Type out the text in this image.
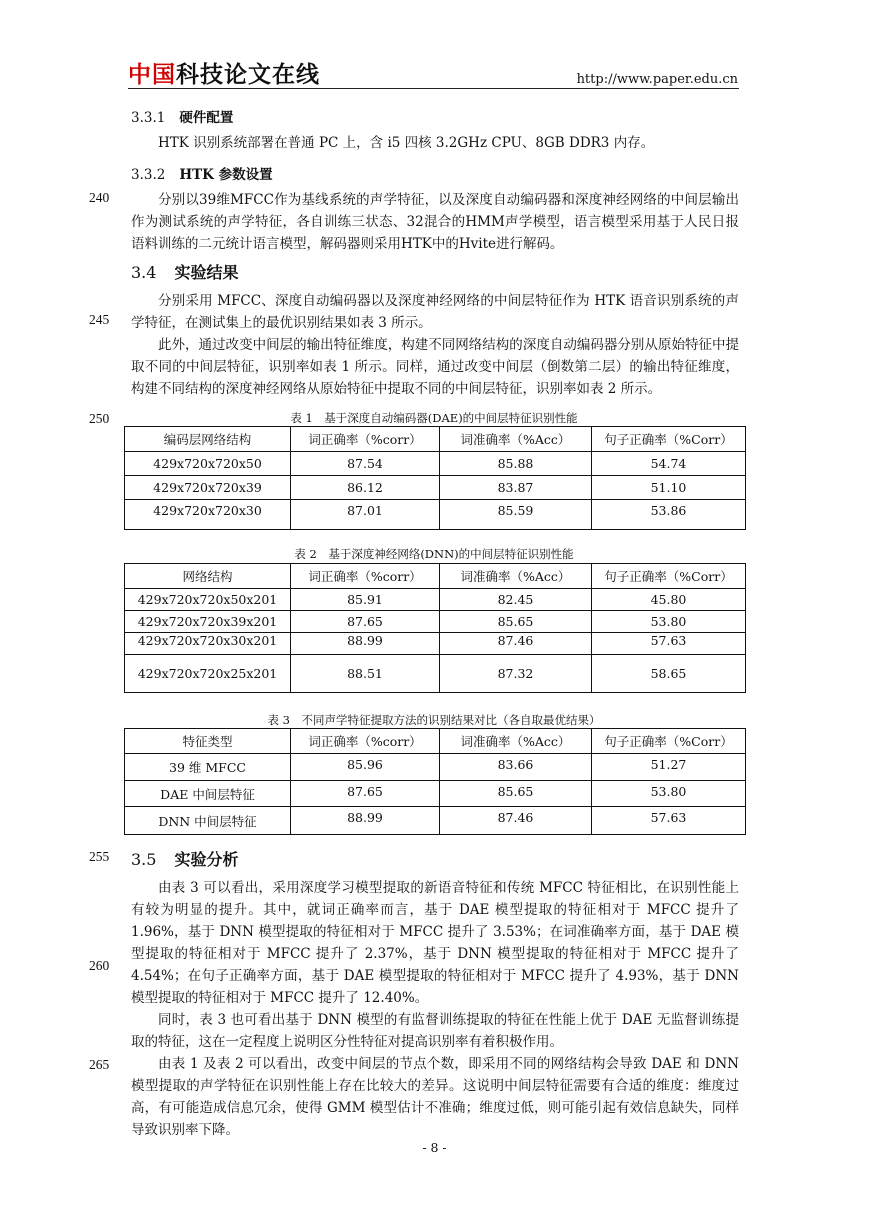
中国科技论文在线	http://www.paper.edu.cn
3.3.1 硬件配置

HTK 识别系统部署在普通 PC 上，含 i5 四核 3.2GHz CPU、8GB DDR3 内存。

3.3.2 HTK 参数设置
240	分别以39维MFCC作为基线系统的声学特征，以及深度自动编码器和深度神经网络的中间层输出作为测试系统的声学特征，各自训练三状态、32混合的HMM声学模型，语言模型采用基于人民日报语料训练的二元统计语言模型，解码器则采用HTK中的Hvite进行解码。

3.4 实验结果
245

分别采用 MFCC、深度自动编码器以及深度神经网络的中间层特征作为 HTK 语音识别系统的声学特征，在测试集上的最优识别结果如表 3 所示。

此外，通过改变中间层的输出特征维度，构建不同网络结构的深度自动编码器分别从原始特征中提取不同的中间层特征，识别率如表 1 所示。同样，通过改变中间层（倒数第二层）的输出特征维度，构建不同结构的深度神经网络从原始特征中提取不同的中间层特征，识别率如表 2 所示。

250	表 1　基于深度自动编码器(DAE)的中间层特征识别性能
编码层网络结构	词正确率（%corr）	词准确率（%Acc）	句子正确率（%Corr）
429x720x720x50	87.54	85.88	54.74
429x720x720x39	86.12	83.87	51.10
429x720x720x30	87.01	85.59	53.86
表 2　基于深度神经网络(DNN)的中间层特征识别性能
网络结构	词正确率（%corr）	词准确率（%Acc）	句子正确率（%Corr）
429x720x720x50x201	85.91	82.45	45.80
429x720x720x39x201	87.65	85.65	53.80
429x720x720x30x201	88.99	87.46	57.63
429x720x720x25x201	88.51	87.32	58.65
表 3　不同声学特征提取方法的识别结果对比（各自取最优结果）
特征类型	词正确率（%corr）	词准确率（%Acc）	句子正确率（%Corr）
39 维 MFCC	85.96	83.66	51.27
DAE 中间层特征	87.65	85.65	53.80
DNN 中间层特征	88.99	87.46	57.63
255 3.5 实验分析
260
265

由表 3 可以看出，采用深度学习模型提取的新语音特征和传统 MFCC 特征相比，在识别性能上有较为明显的提升。其中，就词正确率而言，基于 DAE 模型提取的特征相对于 MFCC 提升了 1.96%，基于 DNN 模型提取的特征相对于 MFCC 提升了 3.53%；在词准确率方面，基于 DAE 模型提取的特征相对于 MFCC 提升了 2.37%，基于 DNN 模型提取的特征相对于 MFCC 提升了 4.54%；在句子正确率方面，基于 DAE 模型提取的特征相对于 MFCC 提升了 4.93%，基于 DNN 模型提取的特征相对于 MFCC 提升了 12.40%。

同时，表 3 也可看出基于 DNN 模型的有监督训练提取的特征在性能上优于 DAE 无监督训练提取的特征，这在一定程度上说明区分性特征对提高识别率有着积极作用。

由表 1 及表 2 可以看出，改变中间层的节点个数，即采用不同的网络结构会导致 DAE 和 DNN 模型提取的声学特征在识别性能上存在比较大的差异。这说明中间层特征需要有合适的维度：维度过高，有可能造成信息冗余，使得 GMM 模型估计不准确；维度过低，则可能引起有效信息缺失，同样导致识别率下降。

- 8 -
